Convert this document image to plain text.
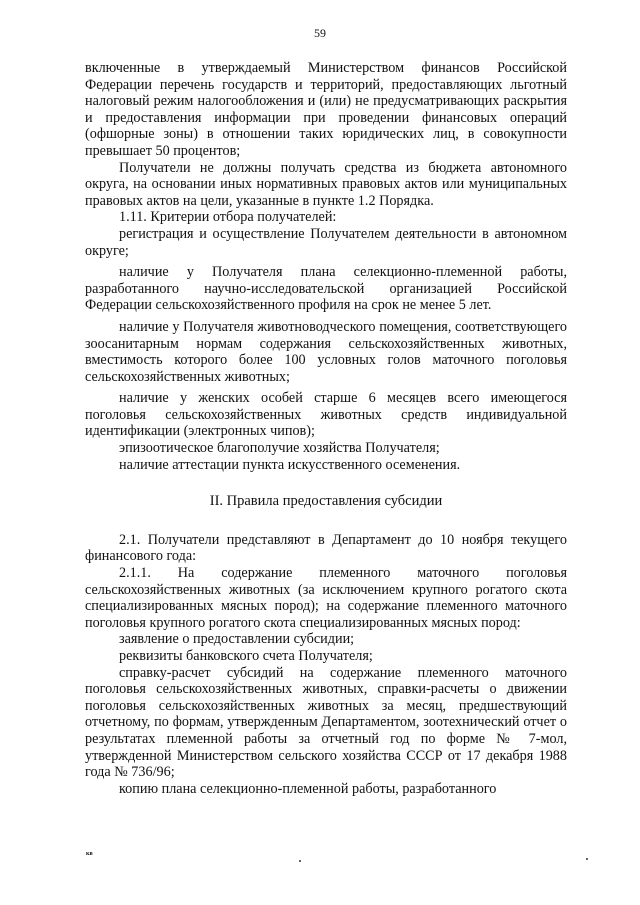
59

включенные в утверждаемый Министерством финансов Российской Федерации перечень государств и территорий, предоставляющих льготный налоговый режим налогообложения и (или) не предусматривающих раскрытия и предоставления информации при проведении финансовых операций (офшорные зоны) в отношении таких юридических лиц, в совокупности превышает 50 процентов;

Получатели не должны получать средства из бюджета автономного округа, на основании иных нормативных правовых актов или муниципальных правовых актов на цели, указанные в пункте 1.2 Порядка.

1.11. Критерии отбора получателей:

регистрация и осуществление Получателем деятельности в автономном округе;

наличие у Получателя плана селекционно-племенной работы, разработанного научно-исследовательской организацией Российской Федерации сельскохозяйственного профиля на срок не менее 5 лет.

наличие у Получателя животноводческого помещения, соответствующего зоосанитарным нормам содержания сельскохозяйственных животных, вместимость которого более 100 условных голов маточного поголовья сельскохозяйственных животных;

наличие у женских особей старше 6 месяцев всего имеющегося поголовья сельскохозяйственных животных средств индивидуальной идентификации (электронных чипов);

эпизоотическое благополучие хозяйства Получателя;

наличие аттестации пункта искусственного осеменения.

II. Правила предоставления субсидии

2.1. Получатели представляют в Департамент до 10 ноября текущего финансового года:

2.1.1. На содержание племенного маточного поголовья сельскохозяйственных животных (за исключением крупного рогатого скота специализированных мясных пород); на содержание племенного маточного поголовья крупного рогатого скота специализированных мясных пород:

заявление о предоставлении субсидии;

реквизиты банковского счета Получателя;

справку-расчет субсидий на содержание племенного маточного поголовья сельскохозяйственных животных, справки-расчеты о движении поголовья сельскохозяйственных животных за месяц, предшествующий отчетному, по формам, утвержденным Департаментом, зоотехнический отчет о результатах племенной работы за отчетный год по форме № 7-мол, утвержденной Министерством сельского хозяйства СССР от 17 декабря 1988 года № 736/96;

копию плана селекционно-племенной работы, разработанного

кв
